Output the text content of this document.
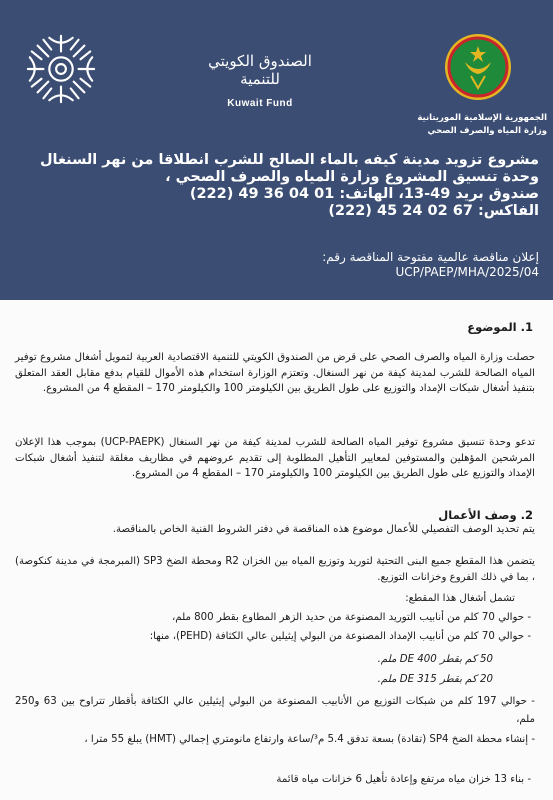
الصندوق الكويتي للتنمية
Kuwait Fund
الجمهورية الإسلامية الموريتانية
وزارة المياه والصرف الصحي
مشروع تزويد مدينة كيفه بالماء الصالح للشرب انطلاقا من نهر السنغال
وحدة تنسيق المشروع وزارة المياه والصرف الصحي ،
صندوق بريد 49-13، الهاتف: 01 04 36 49 (222)
الفاكس: 67 02 24 45 (222)
إعلان مناقصة عالمية مفتوحة المناقصة رقم:
04/UCP/PAEP/MHA/2025
1. الموضوع

حصلت وزارة المياه والصرف الصحي على قرض من الصندوق الكويتي للتنمية الاقتصادية العربية لتمويل أشغال مشروع توفير المياه الصالحة للشرب لمدينة كيفة من نهر السنغال. وتعتزم الوزارة استخدام هذه الأموال للقيام بدفع مقابل العقد المتعلق بتنفيذ أشغال شبكات الإمداد والتوزيع على طول الطريق بين الكيلومتر 100 والكيلومتر 170 – المقطع 4 من المشروع.

تدعو وحدة تنسيق مشروع توفير المياه الصالحة للشرب لمدينة كيفة من نهر السنغال (UCP-PAEPK) بموجب هذا الإعلان المرشحين المؤهلين والمستوفين لمعايير التأهيل المطلوبة إلى تقديم عروضهم في مظاريف مغلقة لتنفيذ أشغال شبكات الإمداد والتوزيع على طول الطريق بين الكيلومتر 100 والكيلومتر 170 – المقطع 4 من المشروع.

2. وصف الأعمال

يتم تحديد الوصف التفصيلي للأعمال موضوع هذه المناقصة في دفتر الشروط الفنية الخاص بالمناقصة.

يتضمن هذا المقطع جميع البنى التحتية لتوريد وتوزيع المياه بين الخزان R2 ومحطة الضخ SP3 (المبرمجة في مدينة كنكوصة) ، بما في ذلك الفروع وخزانات التوزيع.

تشمل أشغال هذا المقطع:
- حوالي 70 كلم من أنابيب التوريد المصنوعة من حديد الزهر المطاوع بقطر 800 ملم،
- حوالي 70 كلم من أنابيب الإمداد المصنوعة من البولي إيثيلين عالي الكثافة (PEHD)، منها:
50 كم بقطر DE 400 ملم.
20 كم بقطر DE 315 ملم.

- حوالي 197 كلم من شبكات التوزيع من الأنابيب المصنوعة من البولي إيثيلين عالي الكثافة بأقطار تتراوح بين 63 و250 ملم،

- إنشاء محطة الضخ SP4 (تقادة) بسعة تدفق 5.4 م³/ساعة وارتفاع مانومتري إجمالي (HMT) يبلغ 55 مترا ،

- بناء 13 خزان مياه مرتفع وإعادة تأهيل 6 خزانات مياه قائمة
